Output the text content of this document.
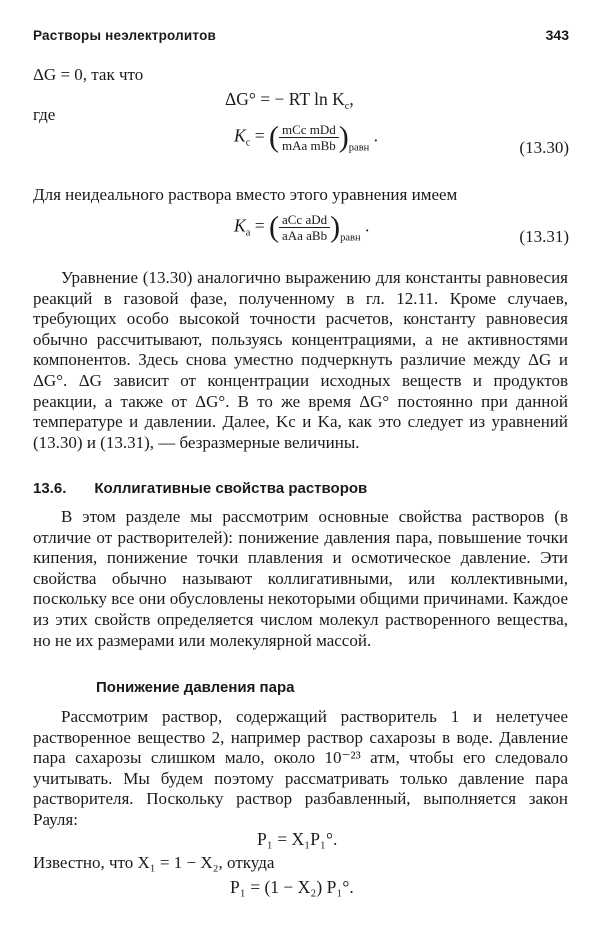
Растворы неэлектролитов	343
ΔG = 0, так что
ΔG° = − RT $\ln K_c$,
где
$K_c$ = ( $\frac{\text{mCc mDd}}{\text{mAa mBb}} )_{равн}$ .
(13.30)
Для неидеального раствора вместо этого уравнения имеем
$K_a$ = ( $\frac{\text{aCc aDd}}{\text{aAa aBb}} )_{равн}$ .
(13.31)
Уравнение (13.30) аналогично выражению для константы равновесия реакций в газовой фазе, полученному в гл. 12.11. Кроме случаев, требующих особо высокой точности расчетов, константу равновесия обычно рассчитывают, пользуясь концентрациями, а не активностями компонентов. Здесь снова уместно подчеркнуть различие между ΔG и ΔG°. ΔG зависит от концентрации исходных веществ и продуктов реакции, а также от ΔG°. В то же время ΔG° постоянно при данной температуре и давлении. Далее, Kc и Ka, как это следует из уравнений (13.30) и (13.31), — безразмерные величины.
13.6. Коллигативные свойства растворов
В этом разделе мы рассмотрим основные свойства растворов (в отличие от растворителей): понижение давления пара, повышение точки кипения, понижение точки плавления и осмотическое давление. Эти свойства обычно называют коллигативными, или коллективными, поскольку все они обусловлены некоторыми общими причинами. Каждое из этих свойств определяется числом молекул растворенного вещества, но не их размерами или молекулярной массой.
Понижение давления пара
Рассмотрим раствор, содержащий растворитель 1 и нелетучее растворенное вещество 2, например раствор сахарозы в воде. Давление пара сахарозы слишком мало, около 10⁻²³ атм, чтобы его следовало учитывать. Мы будем поэтому рассматривать только давление пара растворителя. Поскольку раствор разбавленный, выполняется закон Рауля:
P₁ = X₁P₁°.
Известно, что X₁ = 1 − X₂, откуда
P₁ = (1 − X₂) P₁°.
